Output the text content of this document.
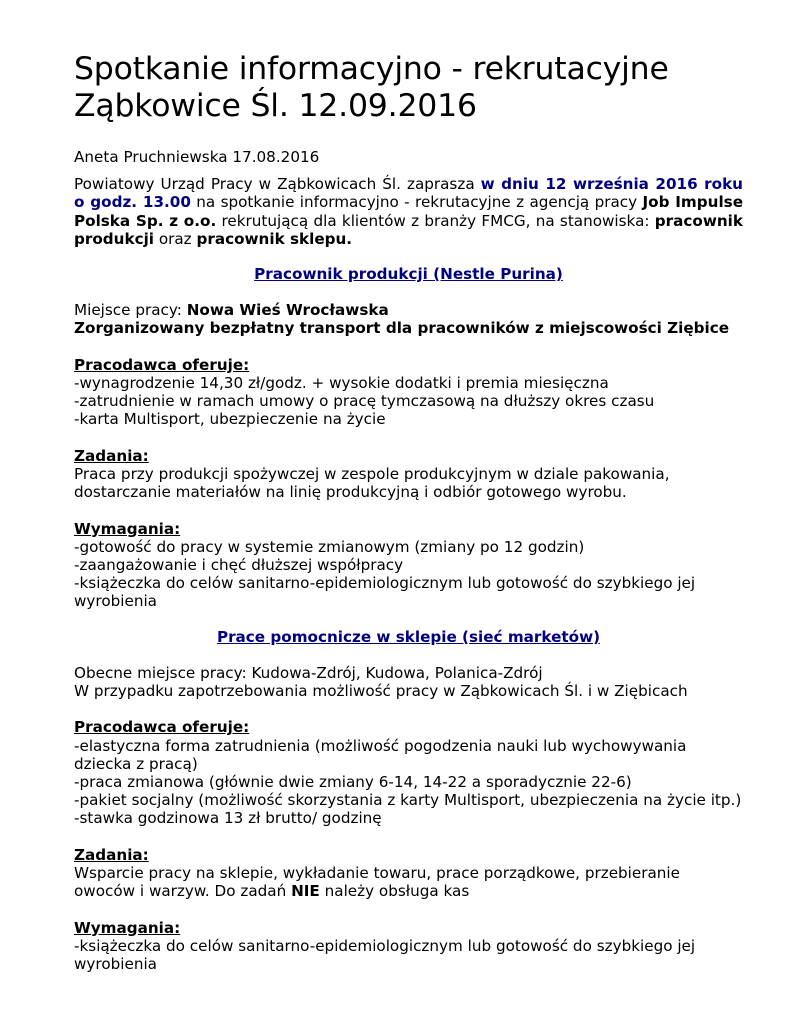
Spotkanie informacyjno - rekrutacyjne
Ząbkowice Śl. 12.09.2016

Aneta Pruchniewska 17.08.2016

Powiatowy Urząd Pracy w Ząbkowicach Śl. zaprasza w dniu 12 września 2016 roku o godz. 13.00 na spotkanie informacyjno - rekrutacyjne z agencją pracy Job Impulse Polska Sp. z o.o. rekrutującą dla klientów z branży FMCG, na stanowiska: pracownik produkcji oraz pracownik sklepu.

Pracownik produkcji (Nestle Purina)

Miejsce pracy: Nowa Wieś Wrocławska

Zorganizowany bezpłatny transport dla pracowników z miejscowości Ziębice

Pracodawca oferuje:

-wynagrodzenie 14,30 zł/godz. + wysokie dodatki i premia miesięczna

-zatrudnienie w ramach umowy o pracę tymczasową na dłuższy okres czasu

-karta Multisport, ubezpieczenie na życie

Zadania:

Praca przy produkcji spożywczej w zespole produkcyjnym w dziale pakowania, dostarczanie materiałów na linię produkcyjną i odbiór gotowego wyrobu.

Wymagania:

-gotowość do pracy w systemie zmianowym (zmiany po 12 godzin)

-zaangażowanie i chęć dłuższej współpracy

-książeczka do celów sanitarno-epidemiologicznym lub gotowość do szybkiego jej wyrobienia

Prace pomocnicze w sklepie (sieć marketów)

Obecne miejsce pracy: Kudowa-Zdrój, Kudowa, Polanica-Zdrój

W przypadku zapotrzebowania możliwość pracy w Ząbkowicach Śl. i w Ziębicach

Pracodawca oferuje:

-elastyczna forma zatrudnienia (możliwość pogodzenia nauki lub wychowywania dziecka z pracą)

-praca zmianowa (głównie dwie zmiany 6-14, 14-22 a sporadycznie 22-6)

-pakiet socjalny (możliwość skorzystania z karty Multisport, ubezpieczenia na życie itp.)

-stawka godzinowa 13 zł brutto/ godzinę

Zadania:

Wsparcie pracy na sklepie, wykładanie towaru, prace porządkowe, przebieranie owoców i warzyw. Do zadań NIE należy obsługa kas

Wymagania:

-książeczka do celów sanitarno-epidemiologicznym lub gotowość do szybkiego jej wyrobienia
